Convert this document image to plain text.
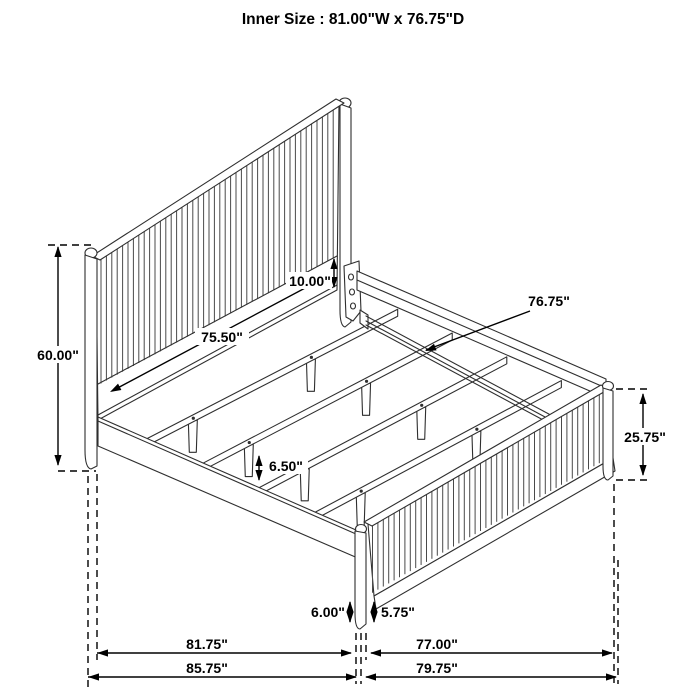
Inner Size : 81.00"W x 76.75"D
60.00"
10.00"
75.50"
76.75"
6.50"
25.75"
6.00"	5.75"
81.75"	77.00"
85.75"	79.75"
